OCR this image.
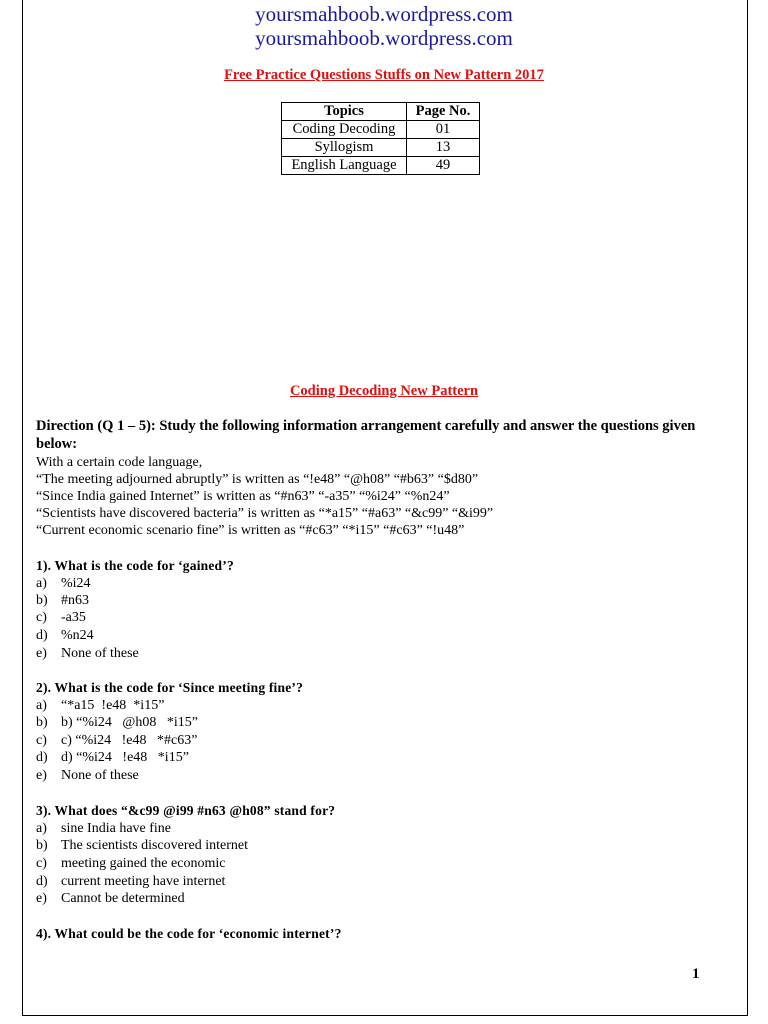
yoursmahboob.wordpress.com
yoursmahboob.wordpress.com
Free Practice Questions Stuffs on New Pattern 2017
Topics	Page No.
Coding Decoding	01
Syllogism	13
English Language	49
Coding Decoding New Pattern
Direction (Q 1 – 5): Study the following information arrangement carefully and answer the questions given below:
With a certain code language,
“The meeting adjourned abruptly” is written as “!e48” “@h08” “#b63” “$d80”
“Since India gained Internet” is written as “#n63” “-a35” “%i24” “%n24”
“Scientists have discovered bacteria” is written as “*a15” “#a63” “&c99” “&i99”
“Current economic scenario fine” is written as “#c63” “*i15” “#c63” “!u48”
1). What is the code for ‘gained’?
a) %i24
b) #n63
c) -a35
d) %n24
e) None of these
2). What is the code for ‘Since meeting fine’?
a) “*a15  !e48  *i15”
b) b) “%i24   @h08   *i15”
c) c) “%i24   !e48   *#c63”
d) d) “%i24   !e48   *i15”
e) None of these
3). What does “&c99 @i99 #n63 @h08” stand for?
a) sine India have fine
b) The scientists discovered internet
c) meeting gained the economic
d) current meeting have internet
e) Cannot be determined
4). What could be the code for ‘economic internet’?
1
